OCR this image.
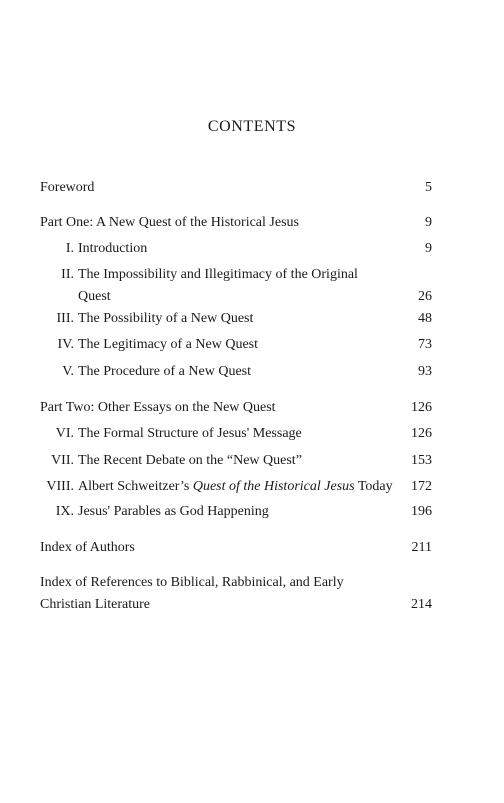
CONTENTS
Foreword	5
Part One: A New Quest of the Historical Jesus	9
I. Introduction	9
II. The Impossibility and Illegitimacy of the Original
Quest	26
III. The Possibility of a New Quest	48
IV. The Legitimacy of a New Quest	73
V. The Procedure of a New Quest	93
Part Two: Other Essays on the New Quest	126
VI. The Formal Structure of Jesus' Message	126
VII. The Recent Debate on the “New Quest”	153
VIII. Albert Schweitzer’s Quest of the Historical Jesus Today	172
IX. Jesus' Parables as God Happening	196
Index of Authors	211
Index of References to Biblical, Rabbinical, and Early
Christian Literature	214
